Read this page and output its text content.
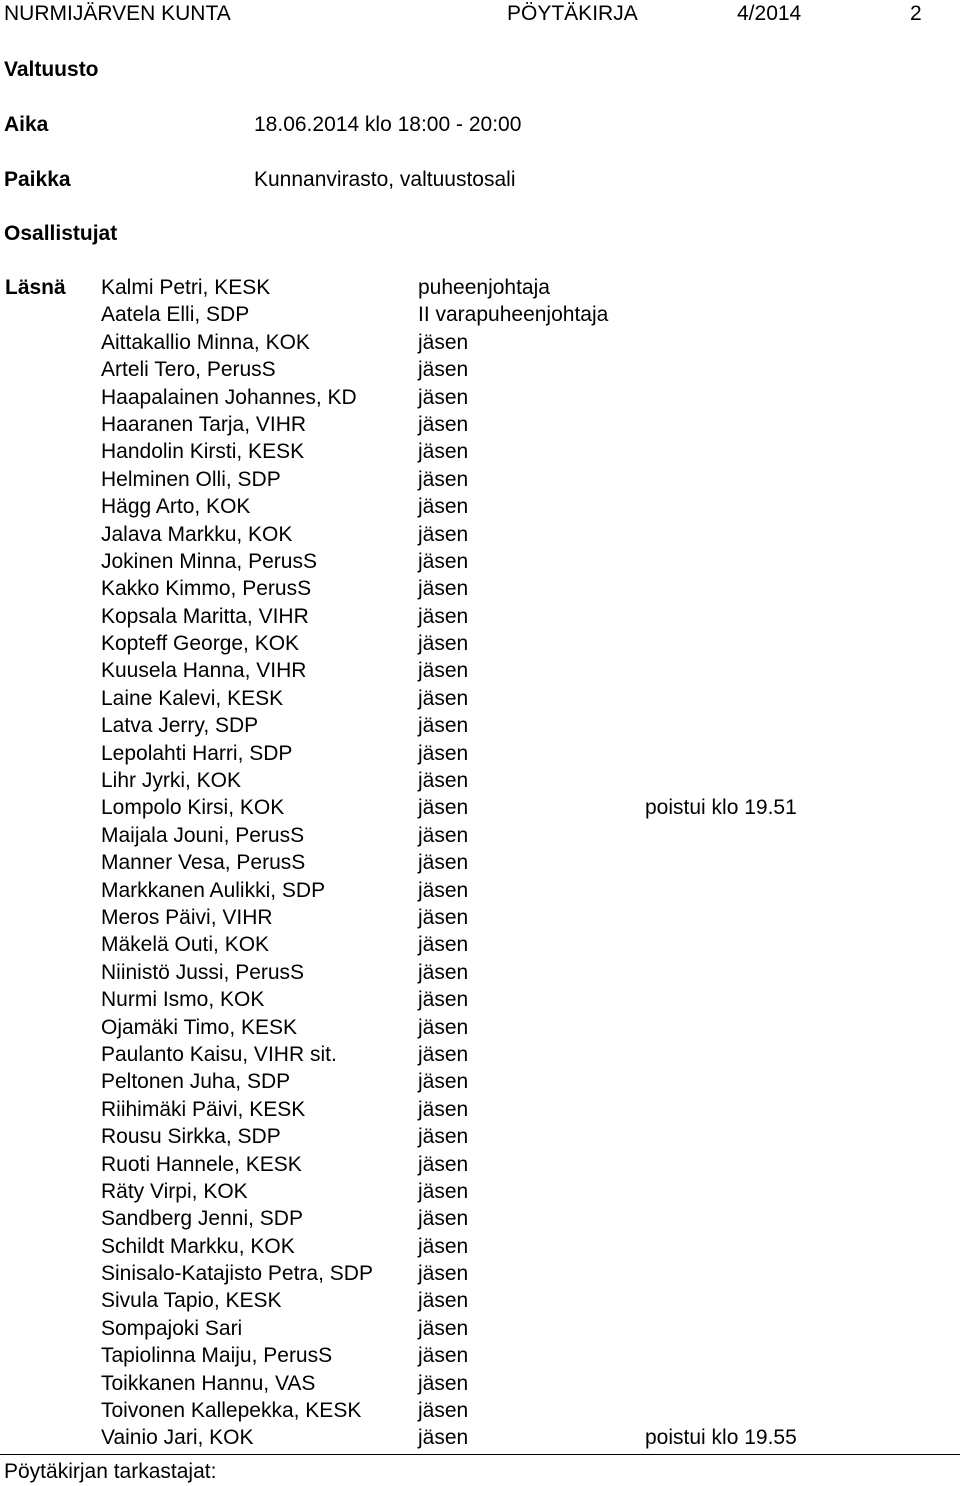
NURMIJÄRVEN KUNTA	PÖYTÄKIRJA	4/2014	2
Valtuusto
Aika	18.06.2014 klo 18:00 - 20:00
Paikka	Kunnanvirasto, valtuustosali
Osallistujat
Läsnä Kalmi Petri, KESK	puheenjohtaja
Aatela Elli, SDP	II varapuheenjohtaja
Aittakallio Minna, KOK	jäsen
Arteli Tero, PerusS	jäsen
Haapalainen Johannes, KD	jäsen
Haaranen Tarja, VIHR	jäsen
Handolin Kirsti, KESK	jäsen
Helminen Olli, SDP	jäsen
Hägg Arto, KOK	jäsen
Jalava Markku, KOK	jäsen
Jokinen Minna, PerusS	jäsen
Kakko Kimmo, PerusS	jäsen
Kopsala Maritta, VIHR	jäsen
Kopteff George, KOK	jäsen
Kuusela Hanna, VIHR	jäsen
Laine Kalevi, KESK	jäsen
Latva Jerry, SDP	jäsen
Lepolahti Harri, SDP	jäsen
Lihr Jyrki, KOK	jäsen
Lompolo Kirsi, KOK	jäsen	poistui klo 19.51
Maijala Jouni, PerusS	jäsen
Manner Vesa, PerusS	jäsen
Markkanen Aulikki, SDP	jäsen
Meros Päivi, VIHR	jäsen
Mäkelä Outi, KOK	jäsen
Niinistö Jussi, PerusS	jäsen
Nurmi Ismo, KOK	jäsen
Ojamäki Timo, KESK	jäsen
Paulanto Kaisu, VIHR sit.	jäsen
Peltonen Juha, SDP	jäsen
Riihimäki Päivi, KESK	jäsen
Rousu Sirkka, SDP	jäsen
Ruoti Hannele, KESK	jäsen
Räty Virpi, KOK	jäsen
Sandberg Jenni, SDP	jäsen
Schildt Markku, KOK	jäsen
Sinisalo-Katajisto Petra, SDP jäsen
Sivula Tapio, KESK	jäsen
Sompajoki Sari	jäsen
Tapiolinna Maiju, PerusS	jäsen
Toikkanen Hannu, VAS	jäsen
Toivonen Kallepekka, KESK	jäsen
Vainio Jari, KOK	jäsen	poistui klo 19.55
Pöytäkirjan tarkastajat:
